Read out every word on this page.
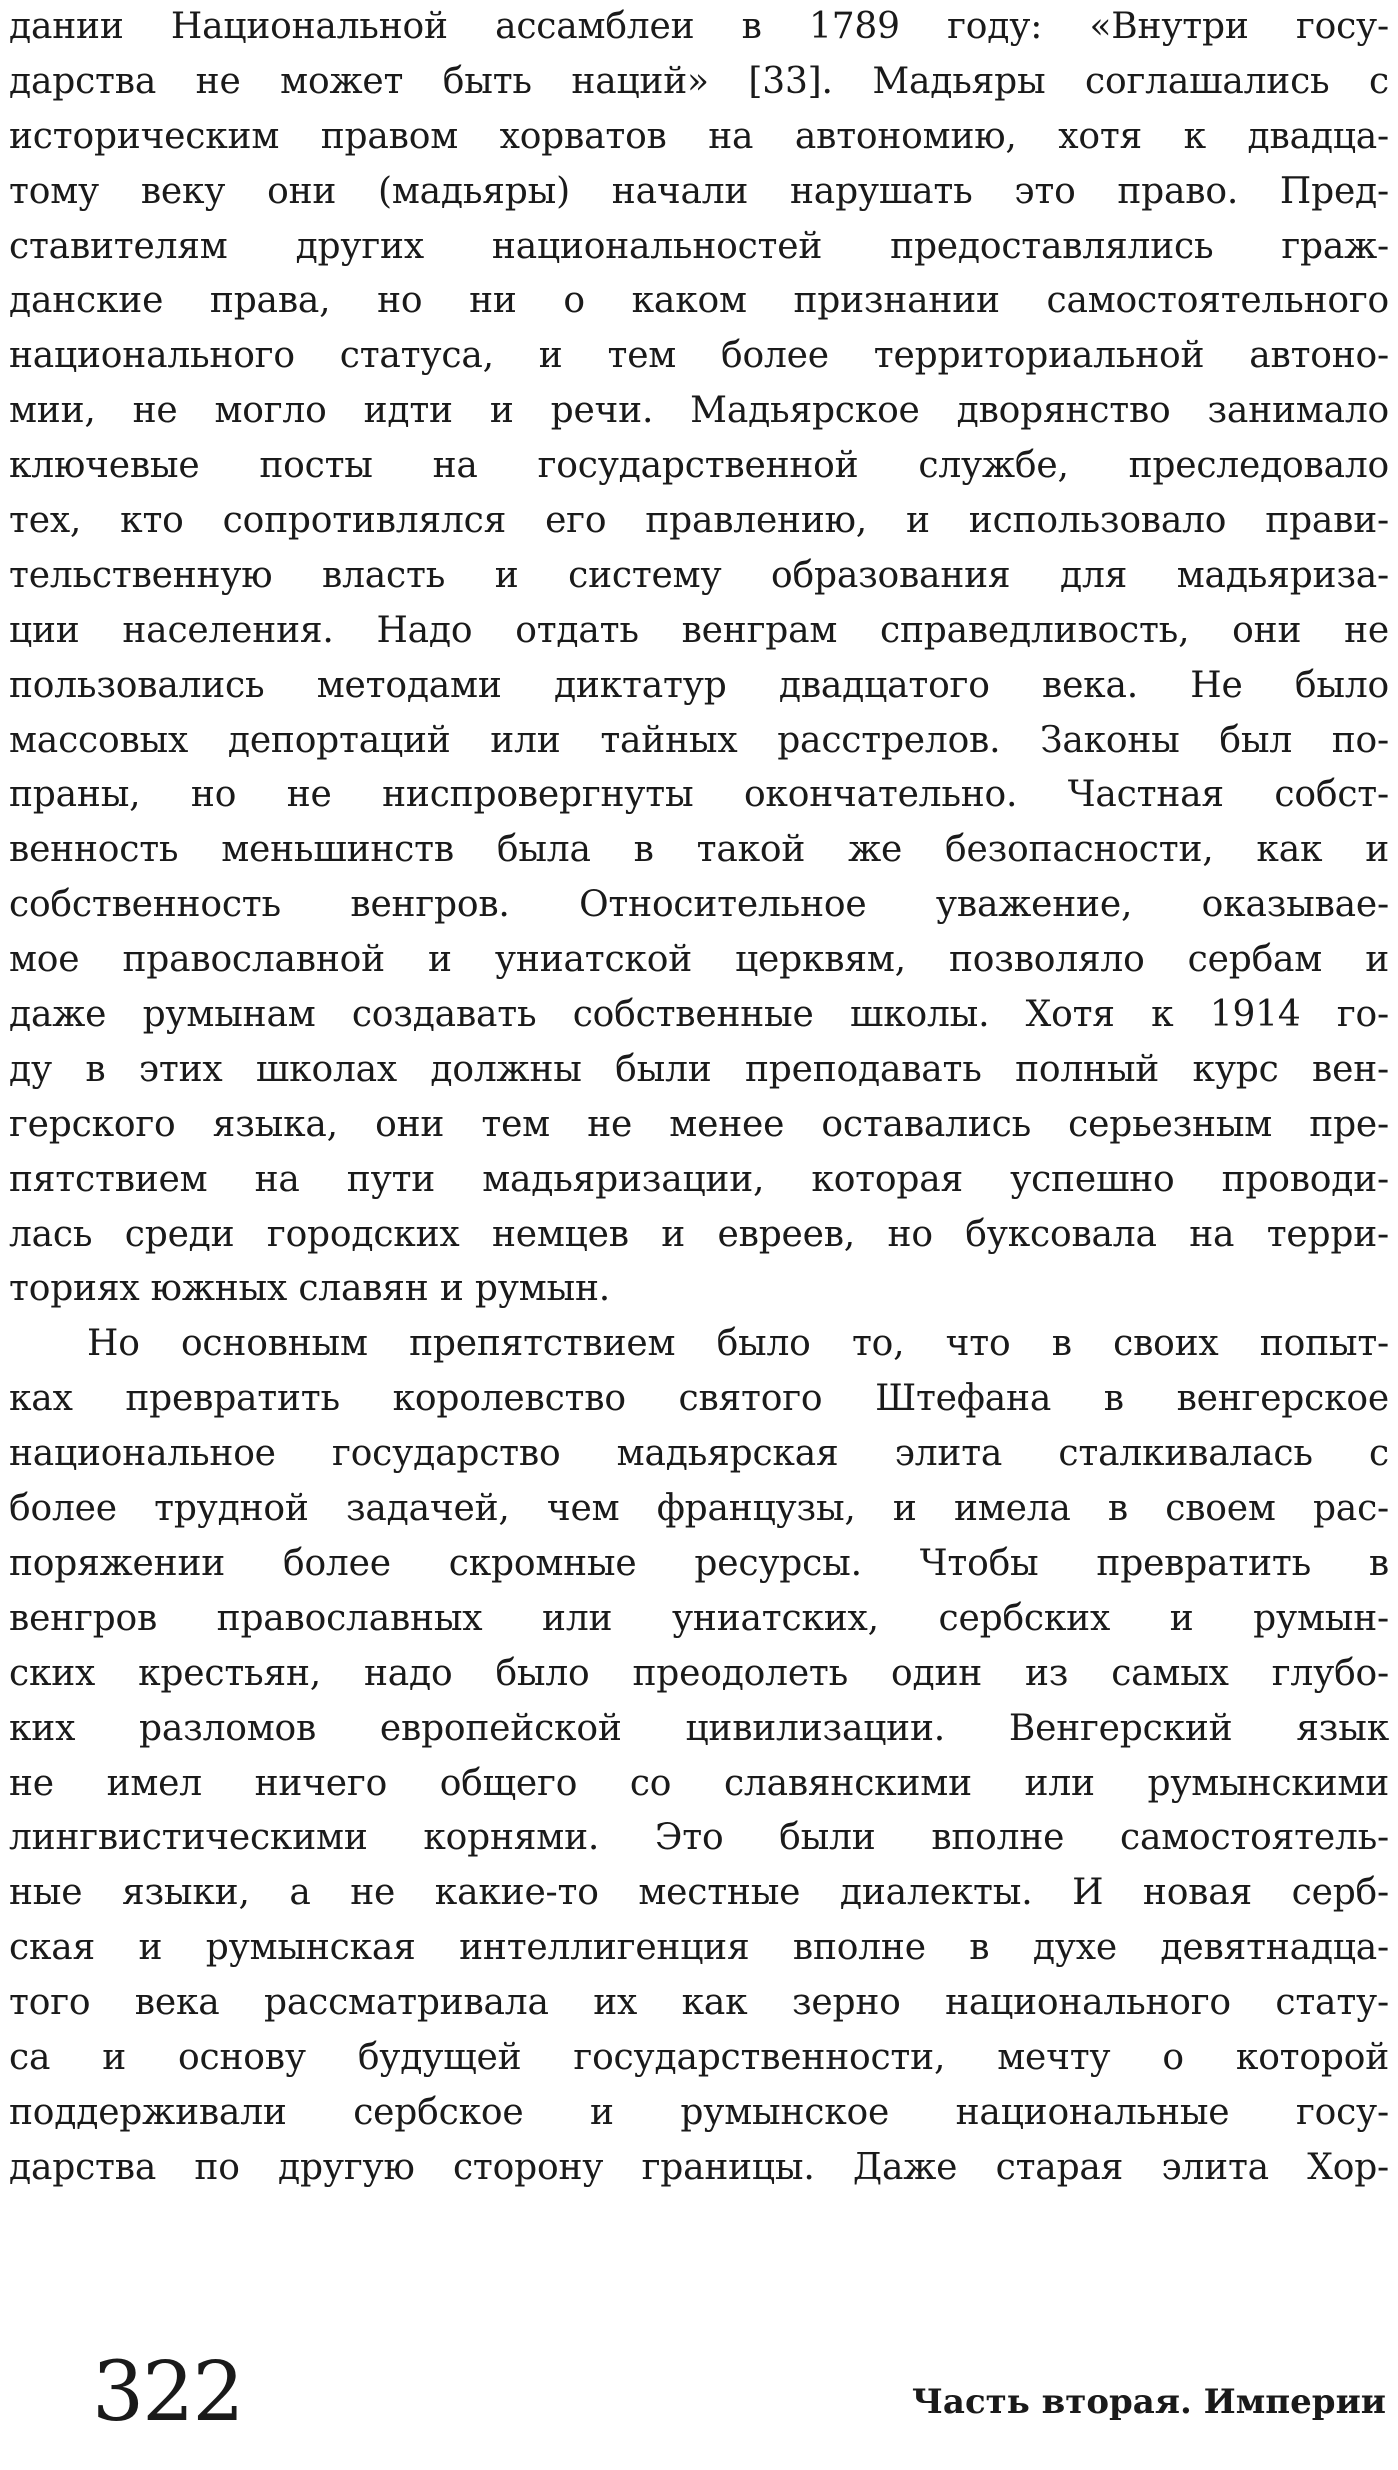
дании Национальной ассамблеи в 1789 году: «Внутри госу-
дарства не может быть наций» [33]. Мадьяры соглашались с
историческим правом хорватов на автономию, хотя к двадца-
тому веку они (мадьяры) начали нарушать это право. Пред-
ставителям других национальностей предоставлялись граж-
данские права, но ни о каком признании самостоятельного
национального статуса, и тем более территориальной автоно-
мии, не могло идти и речи. Мадьярское дворянство занимало
ключевые посты на государственной службе, преследовало
тех, кто сопротивлялся его правлению, и использовало прави-
тельственную власть и систему образования для мадьяриза-
ции населения. Надо отдать венграм справедливость, они не
пользовались методами диктатур двадцатого века. Не было
массовых депортаций или тайных расстрелов. Законы был по-
праны, но не ниспровергнуты окончательно. Частная собст-
венность меньшинств была в такой же безопасности, как и
собственность венгров. Относительное уважение, оказывае-
мое православной и униатской церквям, позволяло сербам и
даже румынам создавать собственные школы. Хотя к 1914 го-
ду в этих школах должны были преподавать полный курс вен-
герского языка, они тем не менее оставались серьезным пре-
пятствием на пути мадьяризации, которая успешно проводи-
лась среди городских немцев и евреев, но буксовала на терри-
ториях южных славян и румын.
Но основным препятствием было то, что в своих попыт-
ках превратить королевство святого Штефана в венгерское
национальное государство мадьярская элита сталкивалась с
более трудной задачей, чем французы, и имела в своем рас-
поряжении более скромные ресурсы. Чтобы превратить в
венгров православных или униатских, сербских и румын-
ских крестьян, надо было преодолеть один из самых глубо-
ких разломов европейской цивилизации. Венгерский язык
не имел ничего общего со славянскими или румынскими
лингвистическими корнями. Это были вполне самостоятель-
ные языки, а не какие-то местные диалекты. И новая серб-
ская и румынская интеллигенция вполне в духе девятнадца-
того века рассматривала их как зерно национального стату-
са и основу будущей государственности, мечту о которой
поддерживали сербское и румынское национальные госу-
дарства по другую сторону границы. Даже старая элита Хор-
322	Часть вторая. Империи
